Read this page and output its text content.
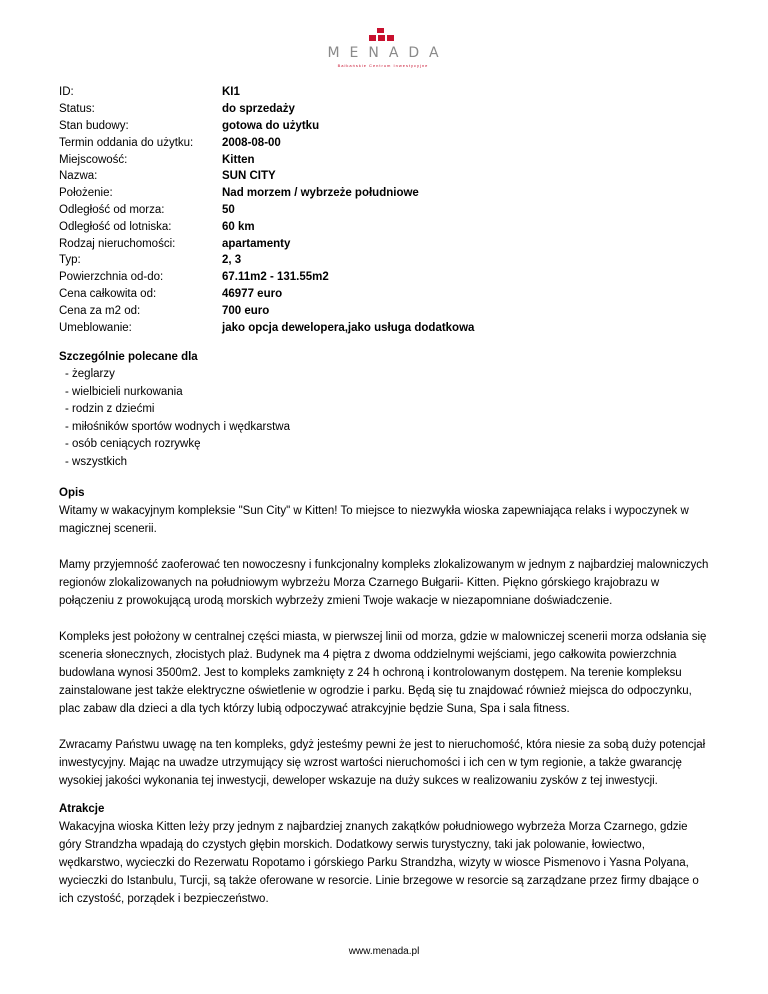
MENADA
Bałkańskie Centrum Inwestycyjne
ID:	KI1
Status:	do sprzedaży
Stan budowy:	gotowa do użytku
Termin oddania do użytku:	2008-08-00
Miejscowość:	Kitten
Nazwa:	SUN CITY
Położenie:	Nad morzem / wybrzeże południowe
Odległość od morza:	50
Odległość od lotniska:	60 km
Rodzaj nieruchomości:	apartamenty
Typ:	2, 3
Powierzchnia od-do:	67.11m2 - 131.55m2
Cena całkowita od:	46977 euro
Cena za m2 od:	700 euro
Umeblowanie:	jako opcja dewelopera,jako usługa dodatkowa

Szczególnie polecane dla

- żeglarzy
- wielbicieli nurkowania
- rodzin z dziećmi
- miłośników sportów wodnych i wędkarstwa
- osób ceniących rozrywkę
- wszystkich

Opis

Witamy w wakacyjnym kompleksie "Sun City" w Kitten! To miejsce to niezwykła wioska zapewniająca relaks i wypoczynek w magicznej scenerii.

Mamy przyjemność zaoferować ten nowoczesny i funkcjonalny kompleks zlokalizowanym w jednym z najbardziej malowniczych regionów zlokalizowanych na południowym wybrzeżu Morza Czarnego Bułgarii- Kitten. Piękno górskiego krajobrazu w połączeniu z prowokującą urodą morskich wybrzeży zmieni Twoje wakacje w niezapomniane doświadczenie.

Kompleks jest położony w centralnej części miasta, w pierwszej linii od morza, gdzie w malowniczej scenerii morza odsłania się sceneria słonecznych, złocistych plaż. Budynek ma 4 piętra z dwoma oddzielnymi wejściami, jego całkowita powierzchnia budowlana wynosi 3500m2. Jest to kompleks zamknięty z 24 h ochroną i kontrolowanym dostępem. Na terenie kompleksu zainstalowane jest także elektryczne oświetlenie w ogrodzie i parku. Będą się tu znajdować również miejsca do odpoczynku, plac zabaw dla dzieci a dla tych którzy lubią odpoczywać atrakcyjnie będzie Suna, Spa i sala fitness.

Zwracamy Państwu uwagę na ten kompleks, gdyż jesteśmy pewni że jest to nieruchomość, która niesie za sobą duży potencjał inwestycyjny. Mając na uwadze utrzymujący się wzrost wartości nieruchomości i ich cen w tym regionie, a także gwarancję wysokiej jakości wykonania tej inwestycji, deweloper wskazuje na duży sukces w realizowaniu zysków z tej inwestycji.

Atrakcje

Wakacyjna wioska Kitten leży przy jednym z najbardziej znanych zakątków południowego wybrzeża Morza Czarnego, gdzie góry Strandzha wpadają do czystych głębin morskich. Dodatkowy serwis turystyczny, taki jak polowanie, łowiectwo, wędkarstwo, wycieczki do Rezerwatu Ropotamo i górskiego Parku Strandzha, wizyty w wiosce Pismenovo i Yasna Polyana, wycieczki do Istanbulu, Turcji, są także oferowane w resorcie. Linie brzegowe w resorcie są zarządzane przez firmy dbające o ich czystość, porządek i bezpieczeństwo.

www.menada.pl
